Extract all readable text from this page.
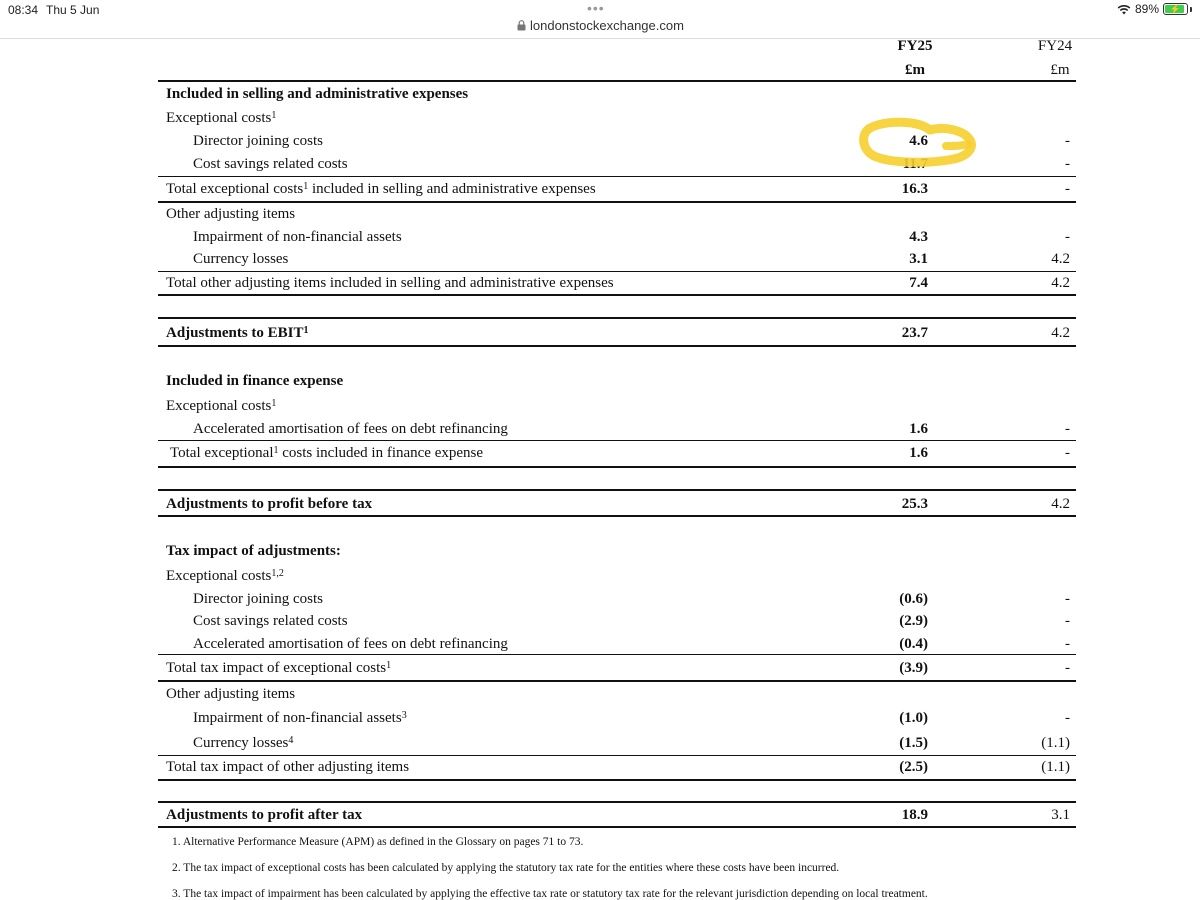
08:34 Thu 5 Jun	•••	89% ⚡
londonstockexchange.com
FY25	FY24
£m	£m
Included in selling and administrative expenses
Exceptional costs$^1$
Director joining costs	4.6	-
Cost savings related costs	11.7	-
Total exceptional costs$^1$ included in selling and administrative expenses	16.3	-
Other adjusting items
Impairment of non-financial assets	4.3	-
Currency losses	3.1	4.2
Total other adjusting items included in selling and administrative expenses	7.4	4.2
Adjustments to EBIT$^1$	23.7	4.2
Included in finance expense
Exceptional costs$^1$
Accelerated amortisation of fees on debt refinancing	1.6	-
Total exceptional$^1$ costs included in finance expense	1.6	-
Adjustments to profit before tax	25.3	4.2
Tax impact of adjustments:
Exceptional costs$^{1,2}$
Director joining costs	(0.6)	-
Cost savings related costs	(2.9)	-
Accelerated amortisation of fees on debt refinancing	(0.4)	-
Total tax impact of exceptional costs$^1$	(3.9)	-
Other adjusting items
Impairment of non-financial assets$^3$	(1.0)	-
Currency losses$^4$	(1.5)	(1.1)
Total tax impact of other adjusting items	(2.5)	(1.1)
Adjustments to profit after tax	18.9	3.1
1. Alternative Performance Measure (APM) as defined in the Glossary on pages 71 to 73.
2. The tax impact of exceptional costs has been calculated by applying the statutory tax rate for the entities where these costs have been incurred.
3. The tax impact of impairment has been calculated by applying the effective tax rate or statutory tax rate for the relevant jurisdiction depending on local treatment.
